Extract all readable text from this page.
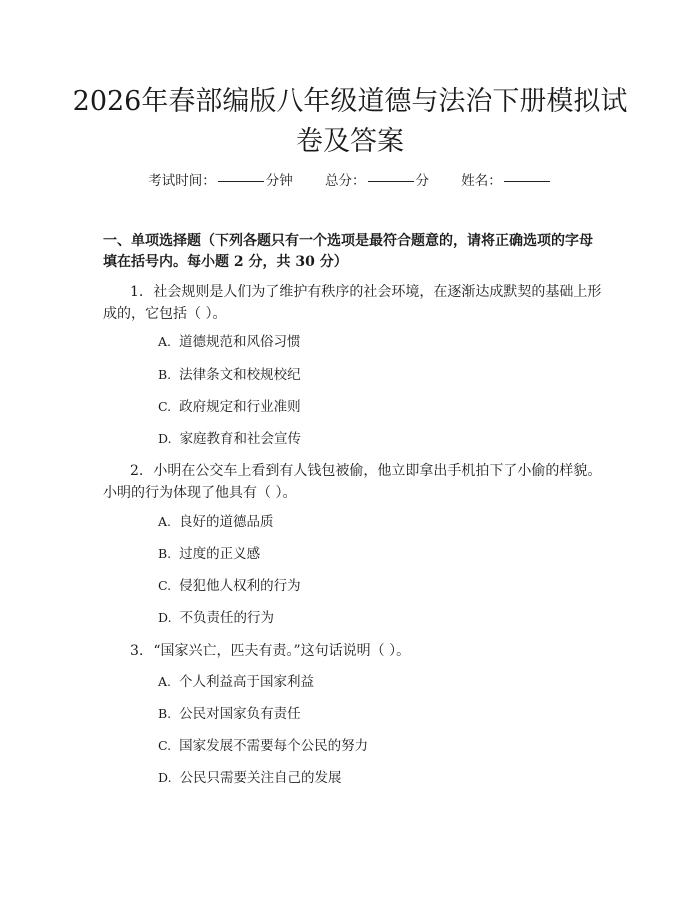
2026年春部编版八年级道德与法治下册模拟试卷及答案
考试时间：	分钟 总分：	分 姓名：

一、单项选择题（下列各题只有一个选项是最符合题意的，请将正确选项的字母填在括号内。每小题 2 分，共 30 分）

1. 社会规则是人们为了维护有秩序的社会环境，在逐渐达成默契的基础上形成的，它包括（ ）。

A. 道德规范和风俗习惯
B. 法律条文和校规校纪
C. 政府规定和行业准则
D. 家庭教育和社会宣传

2. 小明在公交车上看到有人钱包被偷，他立即拿出手机拍下了小偷的样貌。小明的行为体现了他具有（ ）。

A. 良好的道德品质
B. 过度的正义感
C. 侵犯他人权利的行为
D. 不负责任的行为

3. “国家兴亡，匹夫有责。”这句话说明（ ）。

A. 个人利益高于国家利益
B. 公民对国家负有责任
C. 国家发展不需要每个公民的努力
D. 公民只需要关注自己的发展
